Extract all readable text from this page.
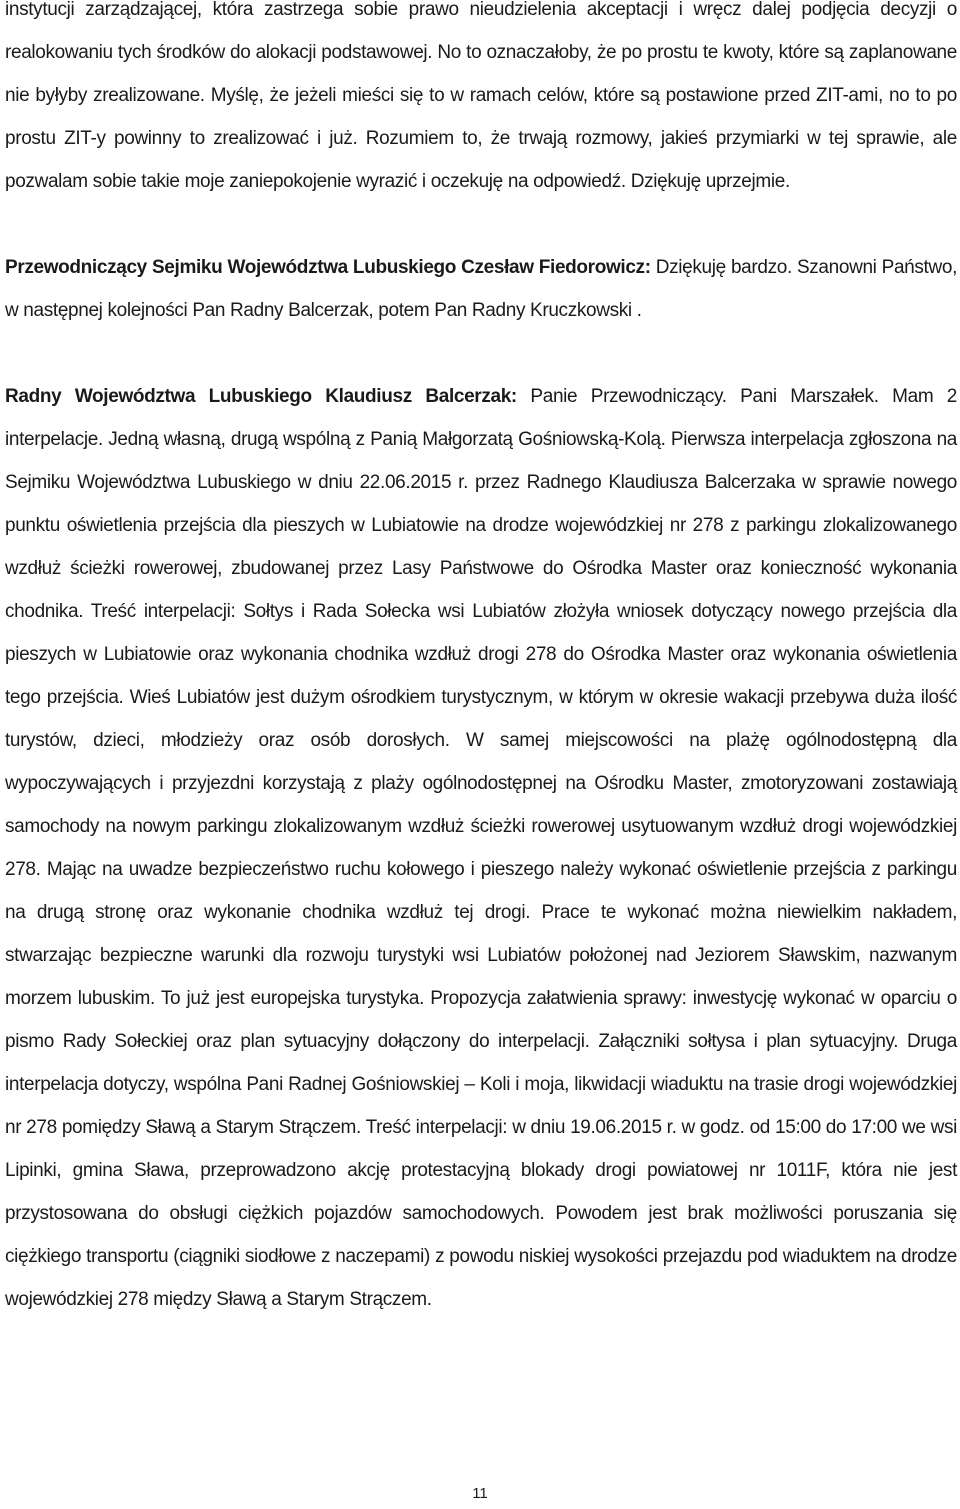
instytucji zarządzającej, która zastrzega sobie prawo nieudzielenia akceptacji i wręcz dalej podjęcia decyzji o realokowaniu tych środków do alokacji podstawowej. No to oznaczałoby, że po prostu te kwoty, które są zaplanowane nie byłyby zrealizowane. Myślę, że jeżeli mieści się to w ramach celów, które są postawione przed ZIT-ami, no to po prostu ZIT-y powinny to zrealizować i już. Rozumiem to, że trwają rozmowy, jakieś przymiarki w tej sprawie, ale pozwalam sobie takie moje zaniepokojenie wyrazić i oczekuję na odpowiedź. Dziękuję uprzejmie.

Przewodniczący Sejmiku Województwa Lubuskiego Czesław Fiedorowicz: Dziękuję bardzo. Szanowni Państwo, w następnej kolejności Pan Radny Balcerzak, potem Pan Radny Kruczkowski .

Radny Województwa Lubuskiego Klaudiusz Balcerzak: Panie Przewodniczący. Pani Marszałek. Mam 2 interpelacje. Jedną własną, drugą wspólną z Panią Małgorzatą Gośniowską-Kolą. Pierwsza interpelacja zgłoszona na Sejmiku Województwa Lubuskiego w dniu 22.06.2015 r. przez Radnego Klaudiusza Balcerzaka w sprawie nowego punktu oświetlenia przejścia dla pieszych w Lubiatowie na drodze wojewódzkiej nr 278 z parkingu zlokalizowanego wzdłuż ścieżki rowerowej, zbudowanej przez Lasy Państwowe do Ośrodka Master oraz konieczność wykonania chodnika. Treść interpelacji: Sołtys i Rada Sołecka wsi Lubiatów złożyła wniosek dotyczący nowego przejścia dla pieszych w Lubiatowie oraz wykonania chodnika wzdłuż drogi 278 do Ośrodka Master oraz wykonania oświetlenia tego przejścia. Wieś Lubiatów jest dużym ośrodkiem turystycznym, w którym w okresie wakacji przebywa duża ilość turystów, dzieci, młodzieży oraz osób dorosłych. W samej miejscowości na plażę ogólnodostępną dla wypoczywających i przyjezdni korzystają z plaży ogólnodostępnej na Ośrodku Master, zmotoryzowani zostawiają samochody na nowym parkingu zlokalizowanym wzdłuż ścieżki rowerowej usytuowanym wzdłuż drogi wojewódzkiej 278. Mając na uwadze bezpieczeństwo ruchu kołowego i pieszego należy wykonać oświetlenie przejścia z parkingu na drugą stronę oraz wykonanie chodnika wzdłuż tej drogi. Prace te wykonać można niewielkim nakładem, stwarzając bezpieczne warunki dla rozwoju turystyki wsi Lubiatów położonej nad Jeziorem Sławskim, nazwanym morzem lubuskim. To już jest europejska turystyka. Propozycja załatwienia sprawy: inwestycję wykonać w oparciu o pismo Rady Sołeckiej oraz plan sytuacyjny dołączony do interpelacji. Załączniki sołtysa i plan sytuacyjny. Druga interpelacja dotyczy, wspólna Pani Radnej Gośniowskiej – Koli i moja, likwidacji wiaduktu na trasie drogi wojewódzkiej nr 278 pomiędzy Sławą a Starym Strączem. Treść interpelacji: w dniu 19.06.2015 r. w godz. od 15:00 do 17:00 we wsi Lipinki, gmina Sława, przeprowadzono akcję protestacyjną blokady drogi powiatowej nr 1011F, która nie jest przystosowana do obsługi ciężkich pojazdów samochodowych. Powodem jest brak możliwości poruszania się ciężkiego transportu (ciągniki siodłowe z naczepami) z powodu niskiej wysokości przejazdu pod wiaduktem na drodze wojewódzkiej 278 między Sławą a Starym Strączem.

11
